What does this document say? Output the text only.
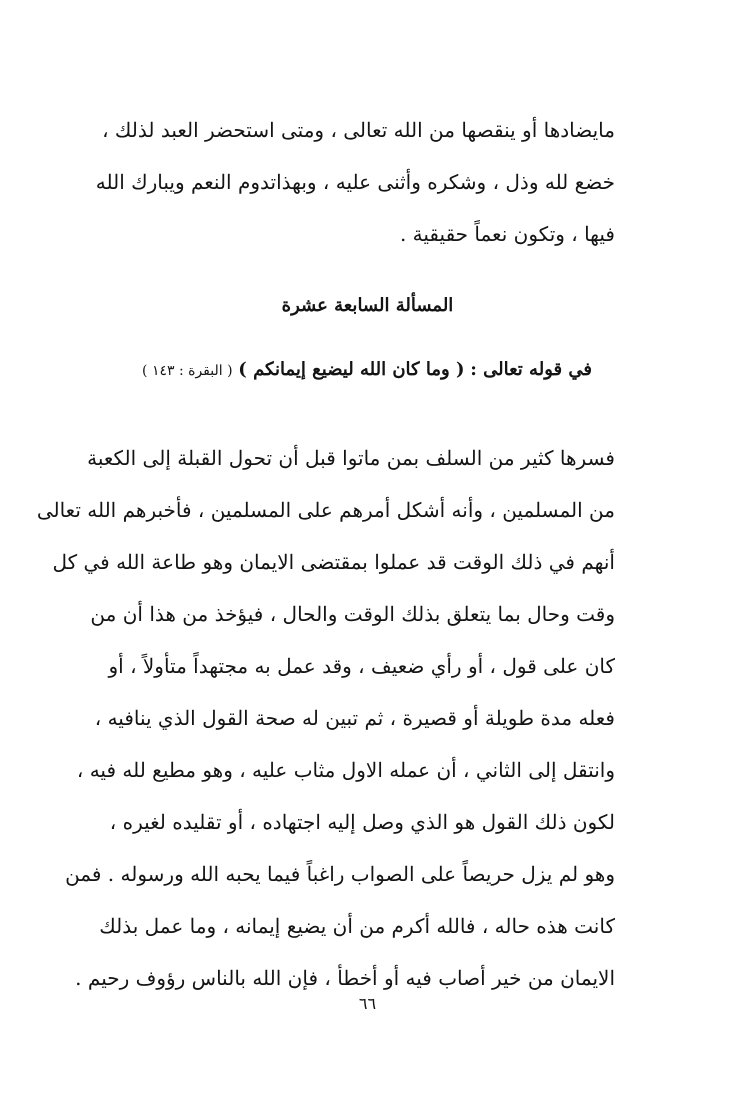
مايضادها أو ينقصها من الله تعالى ، ومتى استحضر العبد لذلك ،
خضع لله وذل ، وشكره وأثنى عليه ، وبهذاتدوم النعم ويبارك الله
فيها ، وتكون نعماً حقيقية .
المسألة السابعة عشرة
في قوله تعالى : ( وما كان الله ليضيع إيمانكم ) ( البقرة : ١٤٣ )
فسرها كثير من السلف بمن ماتوا قبل أن تحول القبلة إلى الكعبة
من المسلمين ، وأنه أشكل أمرهم على المسلمين ، فأخبرهم الله تعالى
أنهم في ذلك الوقت قد عملوا بمقتضى الايمان وهو طاعة الله في كل
وقت وحال بما يتعلق بذلك الوقت والحال ، فيؤخذ من هذا أن من
كان على قول ، أو رأي ضعيف ، وقد عمل به مجتهداً متأولاً ، أو
فعله مدة طويلة أو قصيرة ، ثم تبين له صحة القول الذي ينافيه ،
وانتقل إلى الثاني ، أن عمله الاول مثاب عليه ، وهو مطيع لله فيه ،
لكون ذلك القول هو الذي وصل إليه اجتهاده ، أو تقليده لغيره ،
وهو لم يزل حريصاً على الصواب راغباً فيما يحبه الله ورسوله . فمن
كانت هذه حاله ، فالله أكرم من أن يضيع إيمانه ، وما عمل بذلك
الايمان من خير أصاب فيه أو أخطأ ، فإن الله بالناس رؤوف رحيم .
٦٦
